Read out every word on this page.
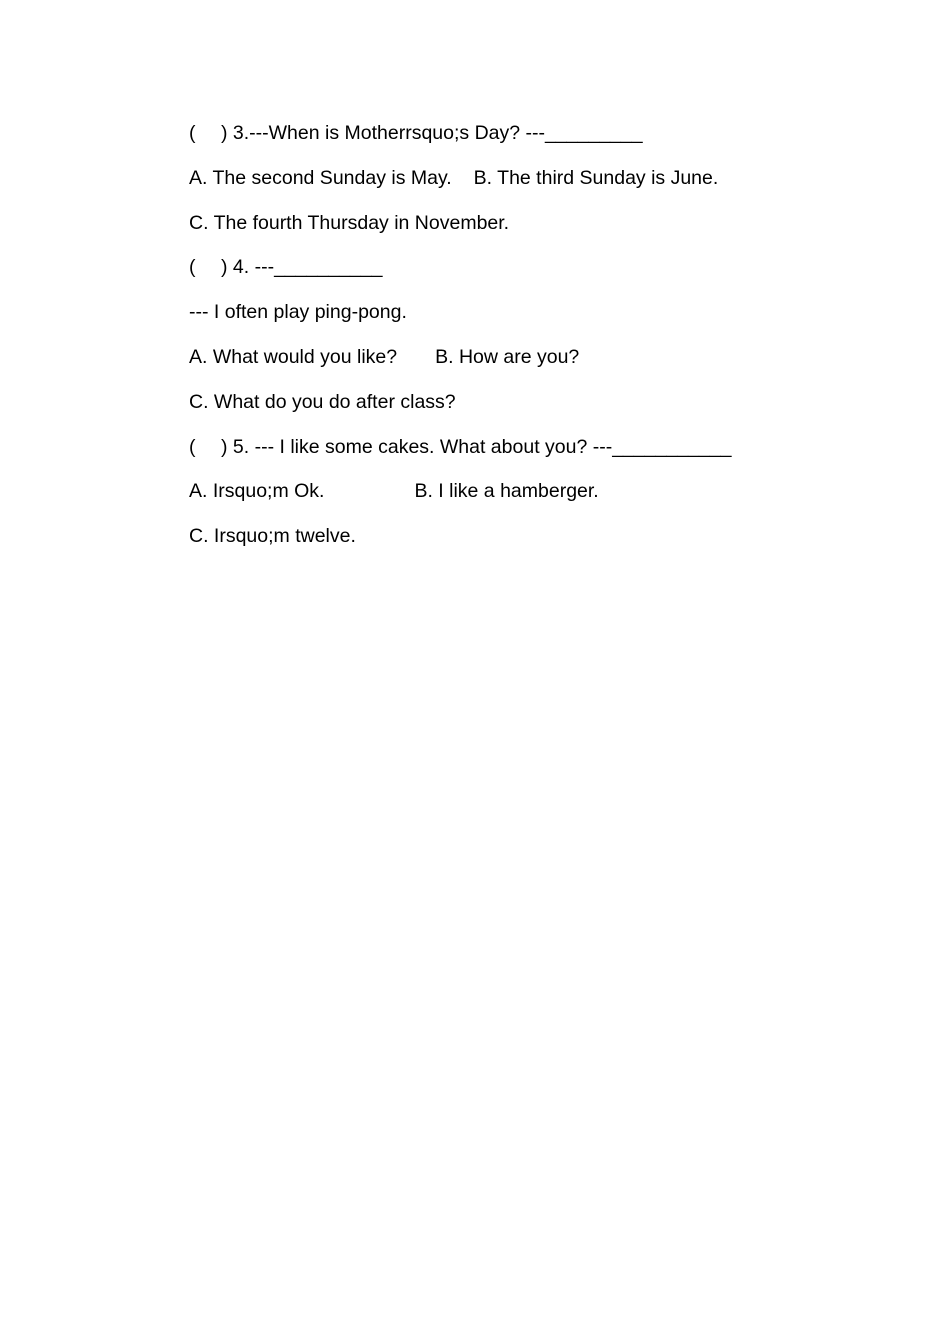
( ) 3.---When is Motherrsquo;s Day? ---_________
A. The second Sunday is May. B. The third Sunday is June.
C. The fourth Thursday in November.
( ) 4. ---__________
--- I often play ping-pong.
A. What would you like? B. How are you?
C. What do you do after class?
( ) 5. --- I like some cakes. What about you? ---___________
A. Irsquo;m Ok.	B. I like a hamberger.
C. Irsquo;m twelve.
